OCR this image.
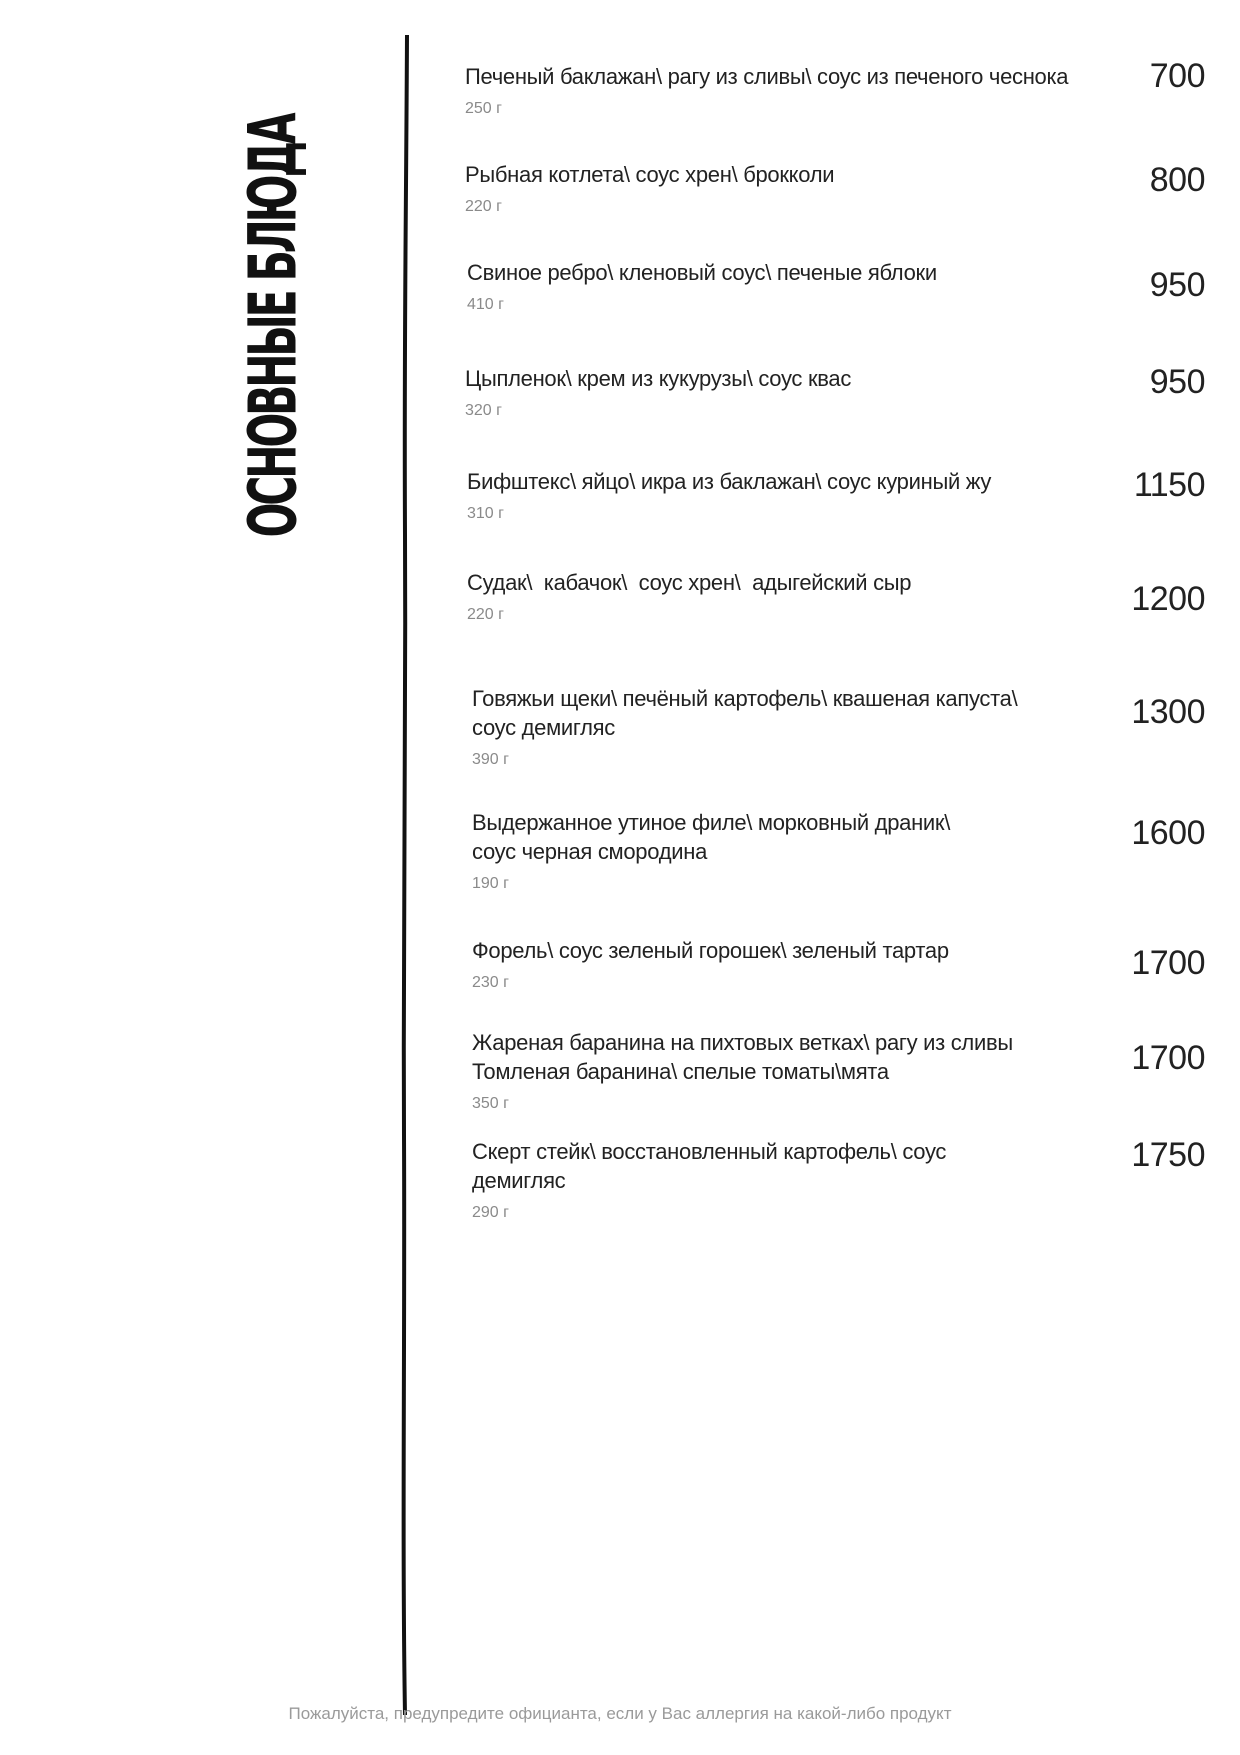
ОСНОВНЫЕ БЛЮДА
Печеный баклажан\ рагу из сливы\ соус из печеного чеснока
250 г
700
Рыбная котлета\ соус хрен\ брокколи
220 г
800
Свиное ребро\ кленовый соус\ печеные яблоки
410 г
950
Цыпленок\ крем из кукурузы\ соус квас
320 г
950
Бифштекс\ яйцо\ икра из баклажан\ соус куриный жу
310 г
1150
Судак\  кабачок\  соус хрен\  адыгейский сыр
220 г	1200
Говяжьи щеки\ печёный картофель\ квашеная капуста\
соус демигляс
390 г
1300
Выдержанное утиное филе\ морковный драник\
соус черная смородина
190 г
1600
Форель\ соус зеленый горошек\ зеленый тартар
230 г
1700
Жареная баранина на пихтовых ветках\ рагу из сливы
Томленая баранина\ спелые томаты\мята
350 г
1700
Скерт стейк\ восстановленный картофель\ соус
демигляс
290 г
1750
Пожалуйста, предупредите официанта, если у Вас аллергия на какой-либо продукт
